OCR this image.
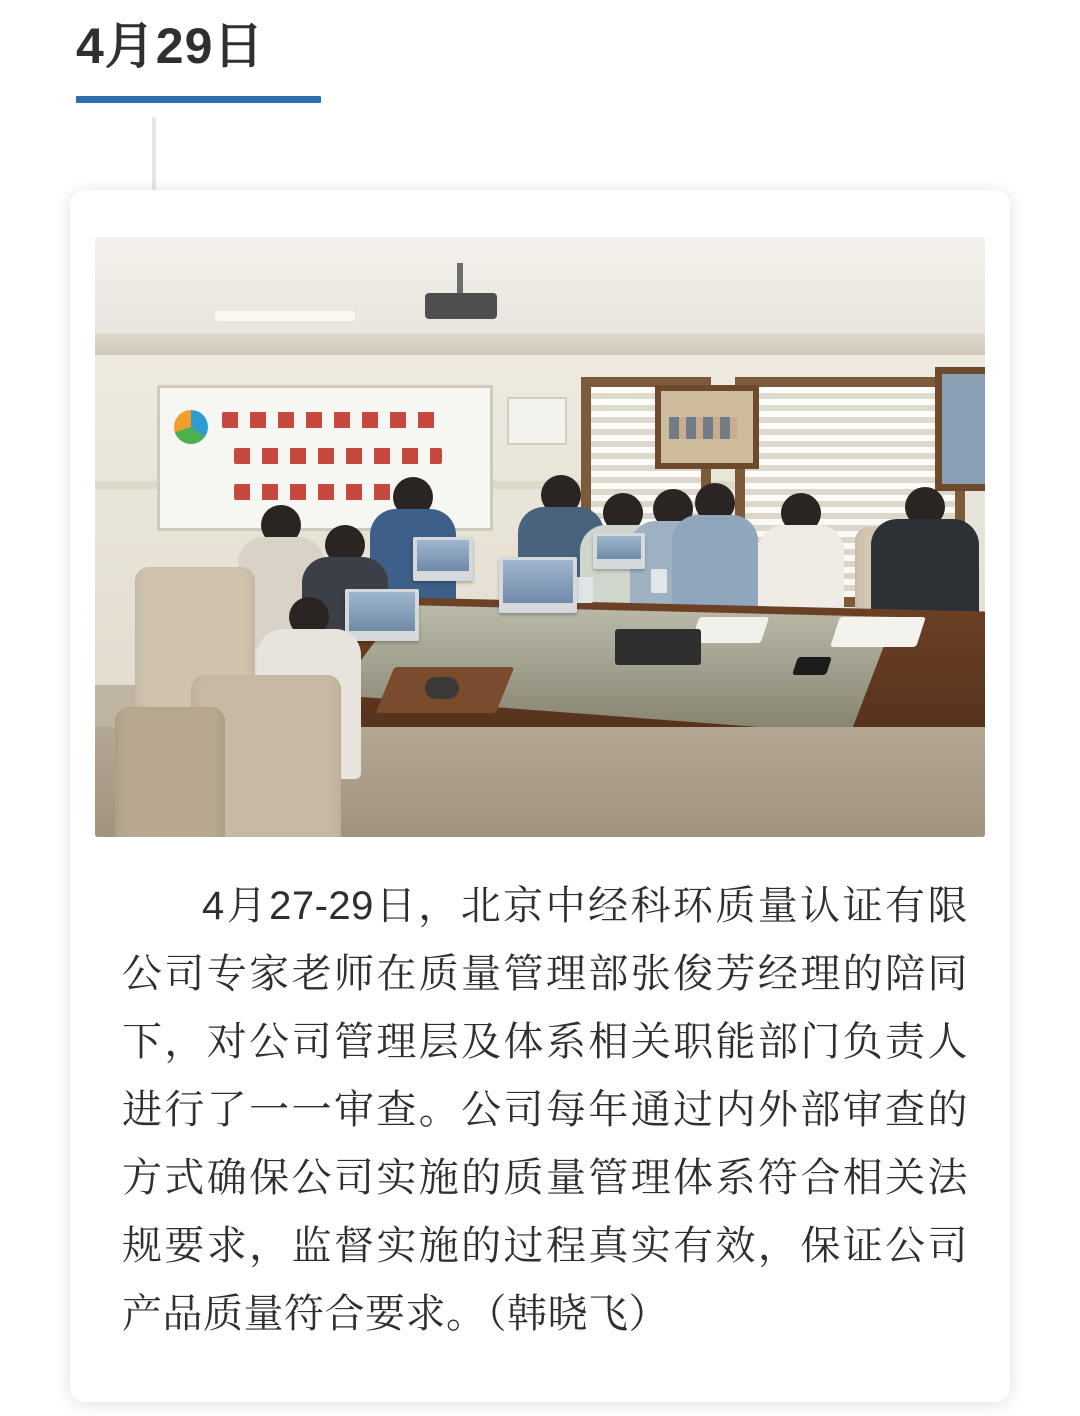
4月29日
4月27-29日，北京中经科环质量认证有限公司专家老师在质量管理部张俊芳经理的陪同下，对公司管理层及体系相关职能部门负责人进行了一一审查。公司每年通过内外部审查的方式确保公司实施的质量管理体系符合相关法规要求，监督实施的过程真实有效，保证公司产品质量符合要求。（韩晓飞）
